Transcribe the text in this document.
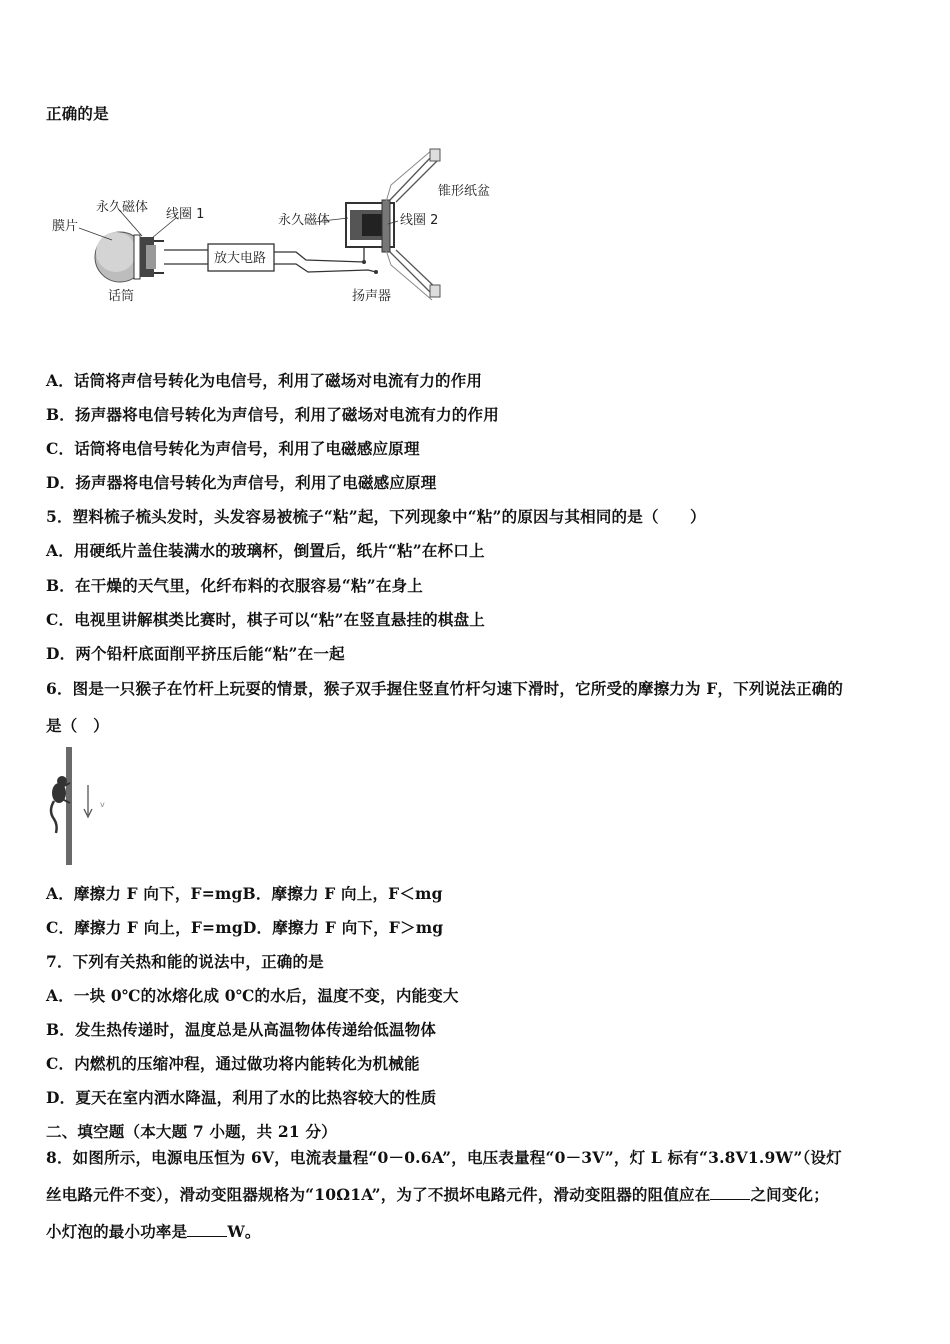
正确的是
放大电路
膜片
永久磁体 线圈 1	永久磁体
锥形纸盆
线圈 2
话筒	扬声器
A．话筒将声信号转化为电信号，利用了磁场对电流有力的作用
B．扬声器将电信号转化为声信号，利用了磁场对电流有力的作用
C．话筒将电信号转化为声信号，利用了电磁感应原理
D．扬声器将电信号转化为声信号，利用了电磁感应原理
5．塑料梳子梳头发时，头发容易被梳子“粘”起，下列现象中“粘”的原因与其相同的是（　　）
A．用硬纸片盖住装满水的玻璃杯，倒置后，纸片“粘”在杯口上
B．在干燥的天气里，化纤布料的衣服容易“粘”在身上
C．电视里讲解棋类比赛时，棋子可以“粘”在竖直悬挂的棋盘上
D．两个铅杆底面削平挤压后能“粘”在一起
6．图是一只猴子在竹杆上玩耍的情景，猴子双手握住竖直竹杆匀速下滑时，它所受的摩擦力为 F，下列说法正确的
是（　）
v
A．摩擦力 F 向下，F=mgB．摩擦力 F 向上，F＜mg
C．摩擦力 F 向上，F=mgD．摩擦力 F 向下，F＞mg
7．下列有关热和能的说法中，正确的是
A．一块 0℃的冰熔化成 0℃的水后，温度不变，内能变大
B．发生热传递时，温度总是从高温物体传递给低温物体
C．内燃机的压缩冲程，通过做功将内能转化为机械能
D．夏天在室内洒水降温，利用了水的比热容较大的性质
二、填空题（本大题 7 小题，共 21 分）
8．如图所示，电源电压恒为 6V，电流表量程“0－0.6A”，电压表量程“0－3V”，灯 L 标有“3.8V1.9W”（设灯
丝电路元件不变），滑动变阻器规格为“10Ω1A”，为了不损坏电路元件，滑动变阻器的阻值应在	之间变化；
小灯泡的最小功率是	W。
